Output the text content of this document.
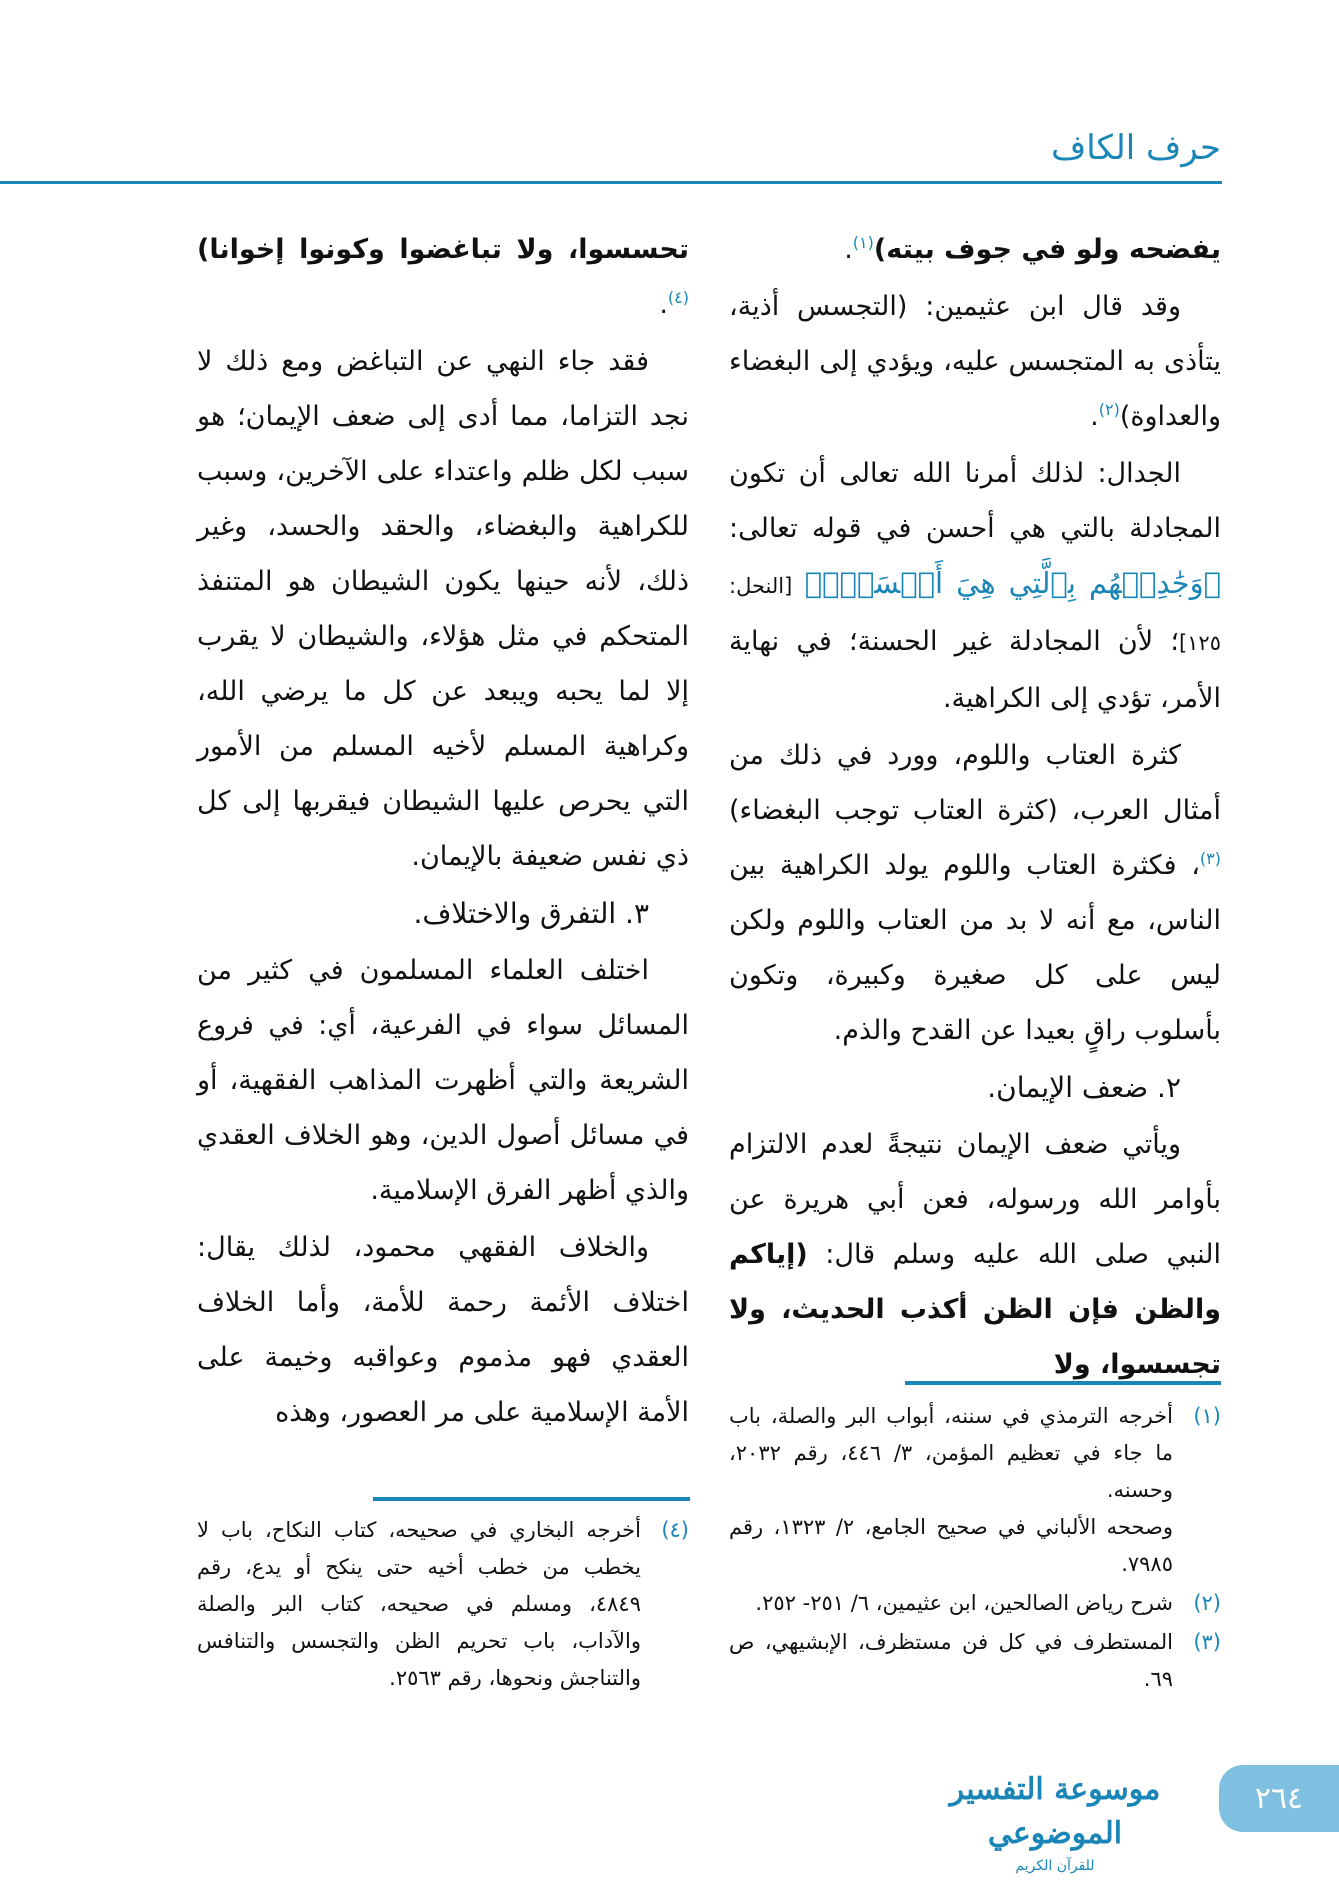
حرف الكاف

يفضحه ولو في جوف بيته)$^{(١)}$.

وقد قال ابن عثيمين: (التجسس أذية، يتأذى به المتجسس عليه، ويؤدي إلى البغضاء والعداوة)$^{(٢)}$.

الجدال: لذلك أمرنا الله تعالى أن تكون المجادلة بالتي هي أحسن في قوله تعالى: ﴿وَجَٰدِلۡهُم بِٱلَّتِي هِيَ أَحۡسَنُۚ﴾ [النحل: ١٢٥]؛ لأن المجادلة غير الحسنة؛ في نهاية الأمر، تؤدي إلى الكراهية.

كثرة العتاب واللوم، وورد في ذلك من أمثال العرب، (كثرة العتاب توجب البغضاء)$^{(٣)}$، فكثرة العتاب واللوم يولد الكراهية بين الناس، مع أنه لا بد من العتاب واللوم ولكن ليس على كل صغيرة وكبيرة، وتكون بأسلوب راقٍ بعيدا عن القدح والذم.

٢. ضعف الإيمان.

ويأتي ضعف الإيمان نتيجةً لعدم الالتزام بأوامر الله ورسوله، فعن أبي هريرة عن النبي صلى الله عليه وسلم قال: (إياكم والظن فإن الظن أكذب الحديث، ولا تجسسوا، ولا

تحسسوا، ولا تباغضوا وكونوا إخوانا)$^{(٤)}$.

فقد جاء النهي عن التباغض ومع ذلك لا نجد التزاما، مما أدى إلى ضعف الإيمان؛ هو سبب لكل ظلم واعتداء على الآخرين، وسبب للكراهية والبغضاء، والحقد والحسد، وغير ذلك، لأنه حينها يكون الشيطان هو المتنفذ المتحكم في مثل هؤلاء، والشيطان لا يقرب إلا لما يحبه ويبعد عن كل ما يرضي الله، وكراهية المسلم لأخيه المسلم من الأمور التي يحرص عليها الشيطان فيقربها إلى كل ذي نفس ضعيفة بالإيمان.

٣. التفرق والاختلاف.

اختلف العلماء المسلمون في كثير من المسائل سواء في الفرعية، أي: في فروع الشريعة والتي أظهرت المذاهب الفقهية، أو في مسائل أصول الدين، وهو الخلاف العقدي والذي أظهر الفرق الإسلامية.

والخلاف الفقهي محمود، لذلك يقال: اختلاف الأئمة رحمة للأمة، وأما الخلاف العقدي فهو مذموم وعواقبه وخيمة على الأمة الإسلامية على مر العصور، وهذه	(١)
أخرجه الترمذي في سننه، أبواب البر والصلة، باب ما جاء في تعظيم المؤمن، ٣/ ٤٤٦، رقم ٢٠٣٢، وحسنه.
وصححه الألباني في صحيح الجامع، ٢/ ١٣٢٣، رقم ٧٩٨٥.
(٢)
شرح رياض الصالحين، ابن عثيمين، ٦/ ٢٥١- ٢٥٢.
(٣)
المستطرف في كل فن مستظرف، الإبشيهي، ص ٦٩.
(٤)
أخرجه البخاري في صحيحه، كتاب النكاح، باب لا يخطب من خطب أخيه حتى ينكح أو يدع، رقم ٤٨٤٩، ومسلم في صحيحه، كتاب البر والصلة والآداب، باب تحريم الظن والتجسس والتنافس والتناجش ونحوها، رقم ٢٥٦٣.
موسوعة التفسير الموضوعي
للقرآن الكريم
٢٦٤
